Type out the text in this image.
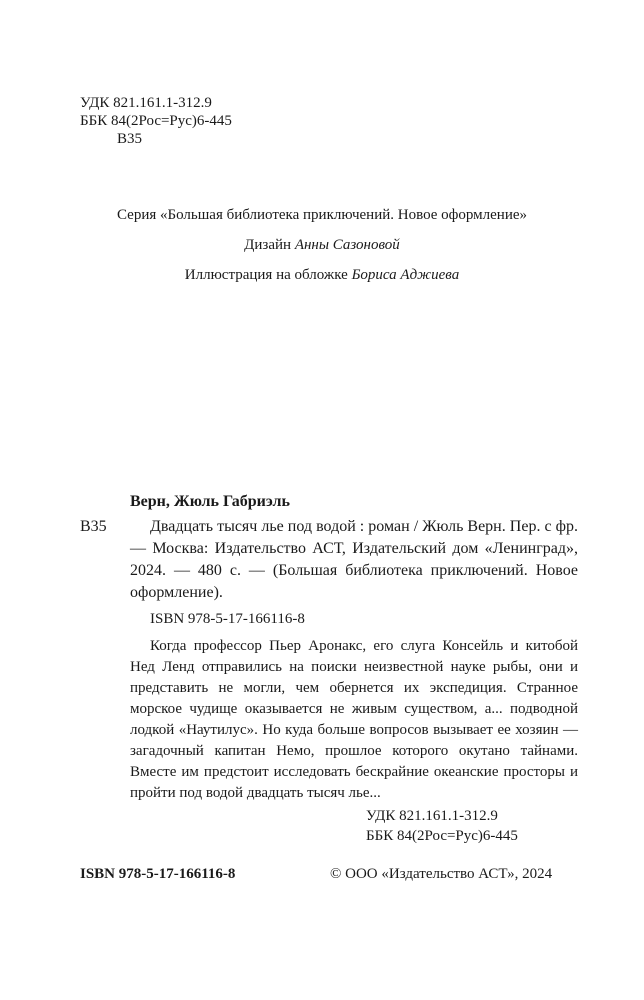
УДК 821.161.1-312.9
ББК 84(2Рос=Рус)6-445
В35
Серия «Большая библиотека приключений. Новое оформление»
Дизайн Анны Сазоновой
Иллюстрация на обложке Бориса Аджиева
Верн, Жюль Габриэль
В35	Двадцать тысяч лье под водой : роман / Жюль Верн. Пер. с фр. — Москва: Издательство АСТ, Издательский дом «Ленинград», 2024. — 480 с. — (Большая библиотека приключений. Новое оформление).
ISBN 978-5-17-166116-8
Когда профессор Пьер Аронакс, его слуга Консейль и китобой Нед Ленд отправились на поиски неизвестной науке рыбы, они и представить не могли, чем обернется их экспедиция. Странное морское чудище оказывается не живым существом, а... подводной лодкой «Наутилус». Но куда больше вопросов вызывает ее хозяин — загадочный капитан Немо, прошлое которого окутано тайнами. Вместе им предстоит исследовать бескрайние океанские просторы и пройти под водой двадцать тысяч лье...
УДК 821.161.1-312.9
ББК 84(2Рос=Рус)6-445
ISBN 978-5-17-166116-8	© ООО «Издательство АСТ», 2024
